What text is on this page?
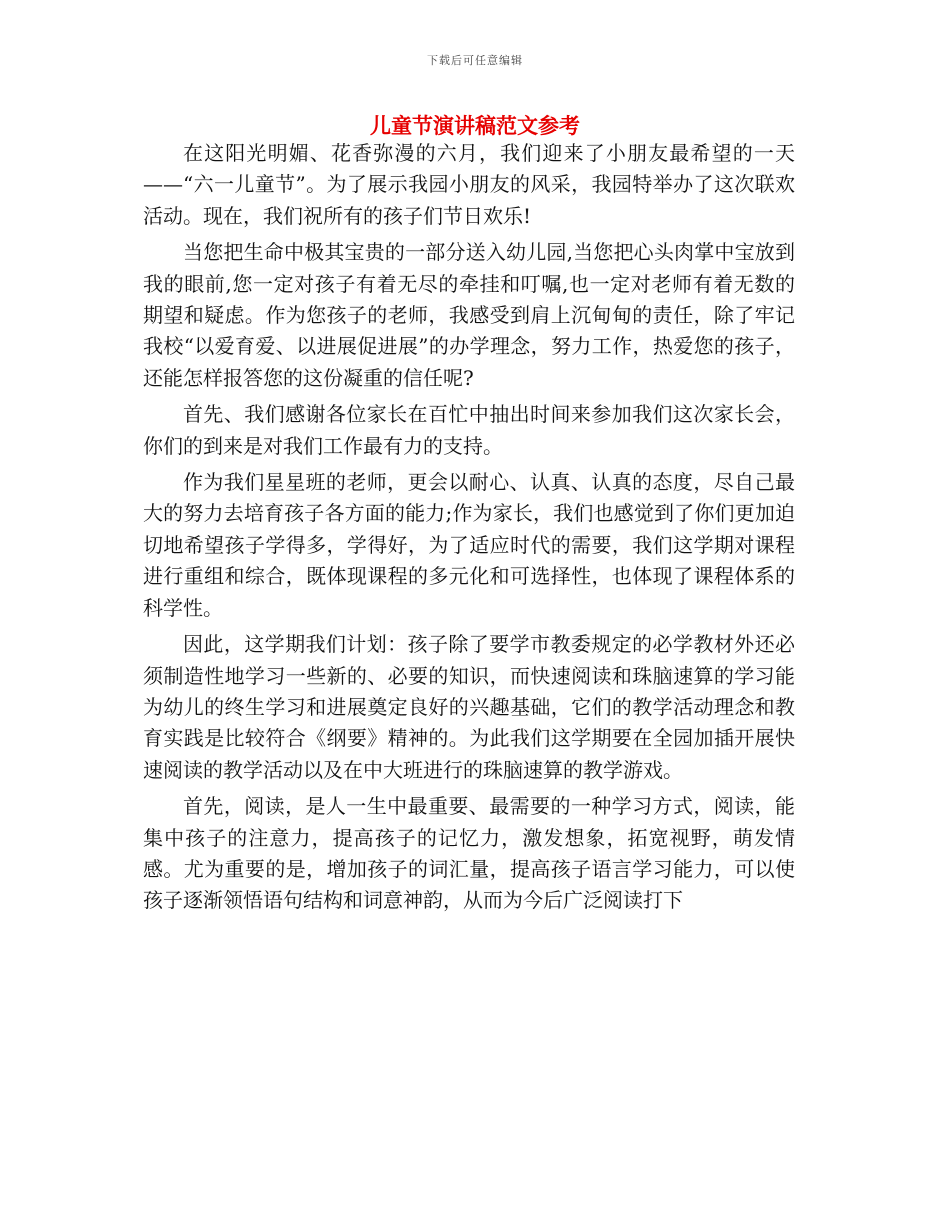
下载后可任意编辑
儿童节演讲稿范文参考

在这阳光明媚、花香弥漫的六月，我们迎来了小朋友最希望的一天——“六一儿童节”。为了展示我园小朋友的风采，我园特举办了这次联欢活动。现在，我们祝所有的孩子们节日欢乐!

当您把生命中极其宝贵的一部分送入幼儿园,当您把心头肉掌中宝放到我的眼前,您一定对孩子有着无尽的牵挂和叮嘱,也一定对老师有着无数的期望和疑虑。作为您孩子的老师，我感受到肩上沉甸甸的责任，除了牢记我校“以爱育爱、以进展促进展”的办学理念，努力工作，热爱您的孩子，还能怎样报答您的这份凝重的信任呢?

首先、我们感谢各位家长在百忙中抽出时间来参加我们这次家长会，你们的到来是对我们工作最有力的支持。

作为我们星星班的老师，更会以耐心、认真、认真的态度，尽自己最大的努力去培育孩子各方面的能力;作为家长，我们也感觉到了你们更加迫切地希望孩子学得多，学得好，为了适应时代的需要，我们这学期对课程进行重组和综合，既体现课程的多元化和可选择性，也体现了课程体系的科学性。

因此，这学期我们计划：孩子除了要学市教委规定的必学教材外还必须制造性地学习一些新的、必要的知识，而快速阅读和珠脑速算的学习能为幼儿的终生学习和进展奠定良好的兴趣基础，它们的教学活动理念和教育实践是比较符合《纲要》精神的。为此我们这学期要在全园加插开展快速阅读的教学活动以及在中大班进行的珠脑速算的教学游戏。

首先，阅读，是人一生中最重要、最需要的一种学习方式，阅读，能集中孩子的注意力，提高孩子的记忆力，激发想象，拓宽视野，萌发情感。尤为重要的是，增加孩子的词汇量，提高孩子语言学习能力，可以使孩子逐渐领悟语句结构和词意神韵，从而为今后广泛阅读打下
